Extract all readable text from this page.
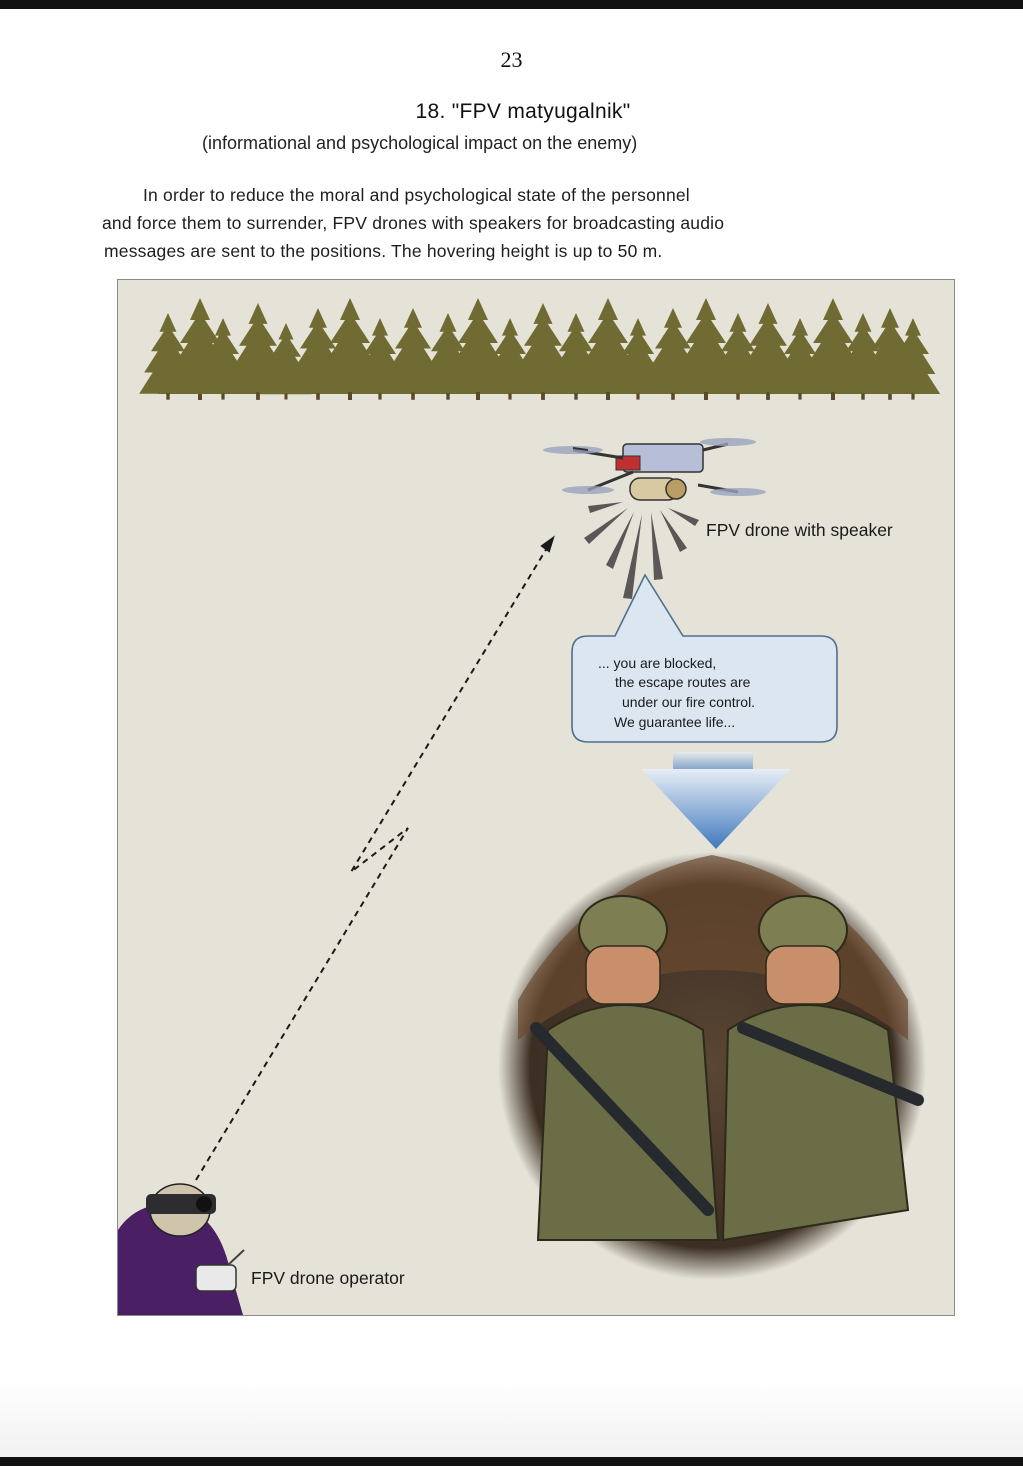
23
18. "FPV matyugalnik"
(informational and psychological impact on the enemy)
In order to reduce the moral and psychological state of the personnel
and force them to surrender, FPV drones with speakers for broadcasting audio
messages are sent to the positions. The hovering height is up to 50 m.
FPV drone with speaker
FPV drone operator
... you are blocked,
the escape routes are
under our fire control.
We guarantee life...
